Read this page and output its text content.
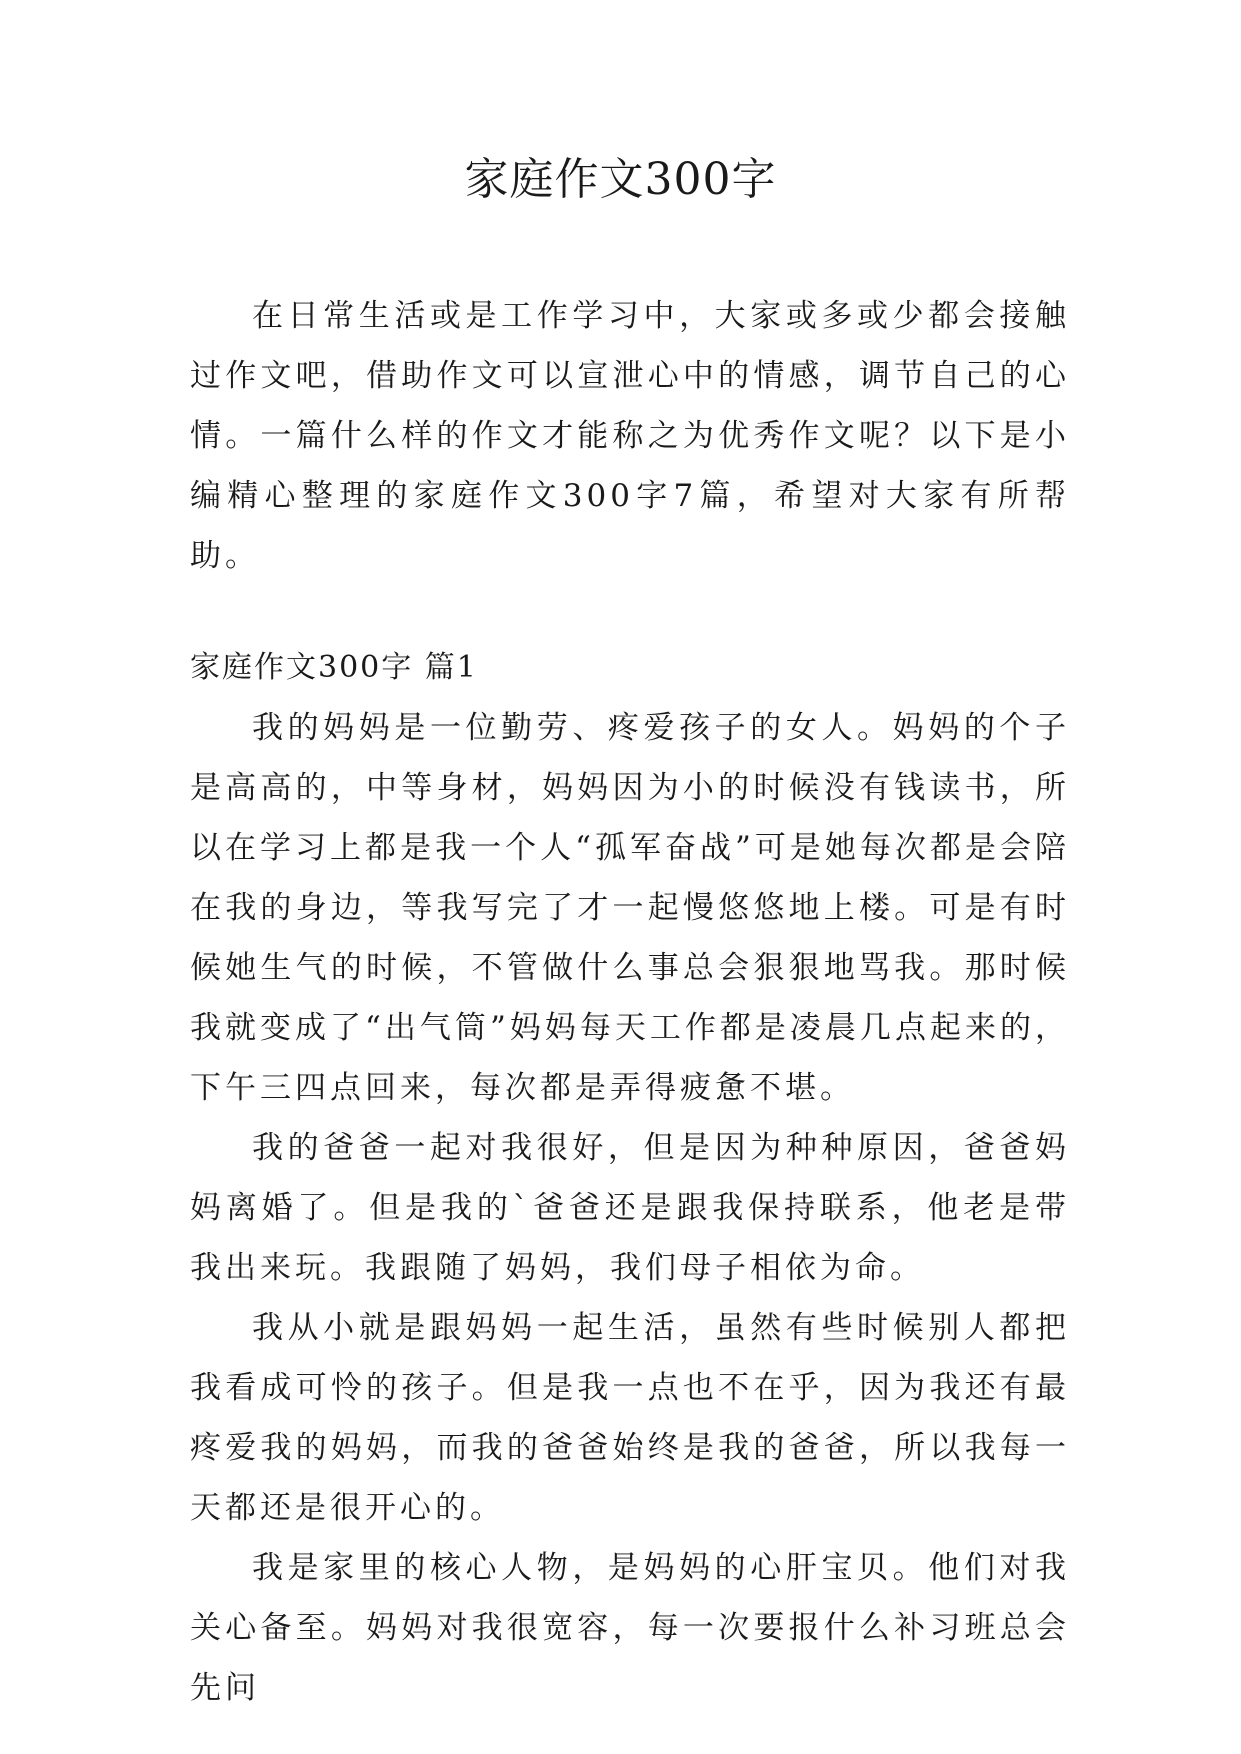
家庭作文300字

在日常生活或是工作学习中，大家或多或少都会接触过作文吧，借助作文可以宣泄心中的情感，调节自己的心情。一篇什么样的作文才能称之为优秀作文呢？以下是小编精心整理的家庭作文300字7篇，希望对大家有所帮助。

家庭作文300字 篇1

我的妈妈是一位勤劳、疼爱孩子的女人。妈妈的个子是高高的，中等身材，妈妈因为小的时候没有钱读书，所以在学习上都是我一个人“孤军奋战”可是她每次都是会陪在我的身边，等我写完了才一起慢悠悠地上楼。可是有时候她生气的时候，不管做什么事总会狠狠地骂我。那时候我就变成了“出气筒”妈妈每天工作都是凌晨几点起来的，下午三四点回来，每次都是弄得疲惫不堪。

我的爸爸一起对我很好，但是因为种种原因，爸爸妈妈离婚了。但是我的`爸爸还是跟我保持联系，他老是带我出来玩。我跟随了妈妈，我们母子相依为命。

我从小就是跟妈妈一起生活，虽然有些时候别人都把我看成可怜的孩子。但是我一点也不在乎，因为我还有最疼爱我的妈妈，而我的爸爸始终是我的爸爸，所以我每一天都还是很开心的。

我是家里的核心人物，是妈妈的心肝宝贝。他们对我关心备至。妈妈对我很宽容，每一次要报什么补习班总会先问
